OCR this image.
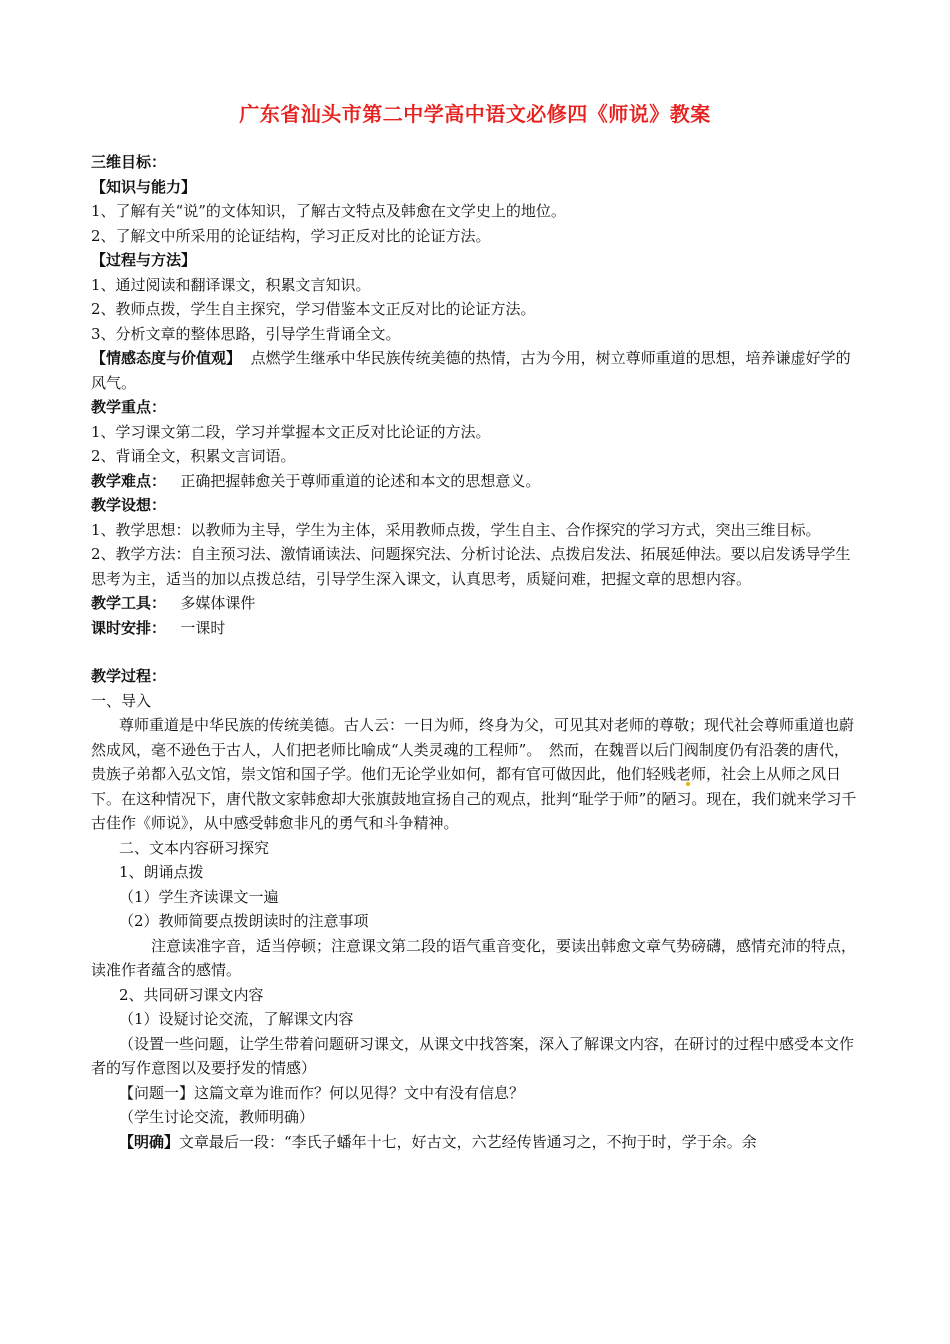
广东省汕头市第二中学高中语文必修四《师说》教案

三维目标：

【知识与能力】

1、了解有关“说”的文体知识，了解古文特点及韩愈在文学史上的地位。

2、了解文中所采用的论证结构，学习正反对比的论证方法。

【过程与方法】

1、通过阅读和翻译课文，积累文言知识。

2、教师点拨，学生自主探究，学习借鉴本文正反对比的论证方法。

3、分析文章的整体思路，引导学生背诵全文。

【情感态度与价值观】 点燃学生继承中华民族传统美德的热情，古为今用，树立尊师重道的思想，培养谦虚好学的风气。

教学重点：

1、学习课文第二段，学习并掌握本文正反对比论证的方法。

2、背诵全文，积累文言词语。

教学难点： 正确把握韩愈关于尊师重道的论述和本文的思想意义。

教学设想：

1、教学思想：以教师为主导，学生为主体，采用教师点拨，学生自主、合作探究的学习方式，突出三维目标。

2、教学方法：自主预习法、激情诵读法、问题探究法、分析讨论法、点拨启发法、拓展延伸法。要以启发诱导学生思考为主，适当的加以点拨总结，引导学生深入课文，认真思考，质疑问难，把握文章的思想内容。

教学工具： 多媒体课件

课时安排： 一课时

教学过程：

一、导入

尊师重道是中华民族的传统美德。古人云：一日为师，终身为父，可见其对老师的尊敬；现代社会尊师重道也蔚然成风，毫不逊色于古人，人们把老师比喻成“人类灵魂的工程师”。　然而，在魏晋以后门阀制度仍有沿袭的唐代，贵族子弟都入弘文馆，崇文馆和国子学。他们无论学业如何，都有官可做因此，他们轻贱老师，社会上从师之风日下。在这种情况下，唐代散文家韩愈却大张旗鼓地宣扬自己的观点，批判“耻学于师”的陋习。现在，我们就来学习千古佳作《师说》，从中感受韩愈非凡的勇气和斗争精神。

二、文本内容研习探究

1、朗诵点拨

（1）学生齐读课文一遍

（2）教师简要点拨朗读时的注意事项

注意读准字音，适当停顿；注意课文第二段的语气重音变化，要读出韩愈文章气势磅礴，感情充沛的特点，读准作者蕴含的感情。

2、共同研习课文内容

（1）设疑讨论交流，了解课文内容

（设置一些问题，让学生带着问题研习课文，从课文中找答案，深入了解课文内容，在研讨的过程中感受本文作者的写作意图以及要抒发的情感）

【问题一】这篇文章为谁而作？何以见得？文中有没有信息？

（学生讨论交流，教师明确）

【明确】文章最后一段：“李氏子蟠年十七，好古文，六艺经传皆通习之，不拘于时，学于余。余
